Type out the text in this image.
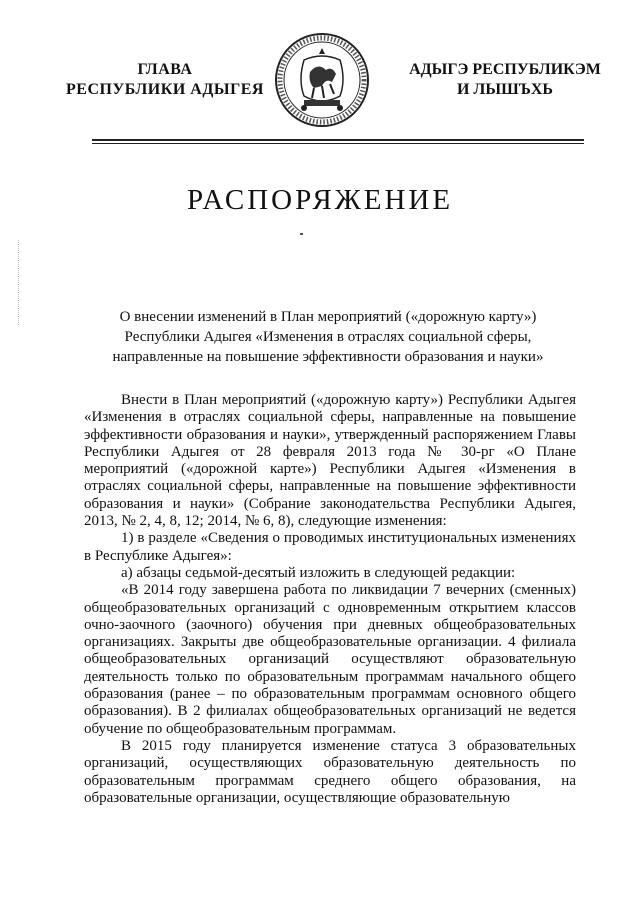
ГЛАВА
РЕСПУБЛИКИ АДЫГЕЯ
АДЫГЭ РЕСПУБЛИКЭМ
И ЛЫШЪХЬ
РАСПОРЯЖЕНИЕ
О внесении изменений в План мероприятий («дорожную карту»)
Республики Адыгея «Изменения в отраслях социальной сферы,
направленные на повышение эффективности образования и науки»

Внести в План мероприятий («дорожную карту») Республики Адыгея «Изменения в отраслях социальной сферы, направленные на повышение эффективности образования и науки», утвержденный распоряжением Главы Республики Адыгея от 28 февраля 2013 года № 30-рг «О Плане мероприятий («дорожной карте») Республики Адыгея «Изменения в отраслях социальной сферы, направленные на повышение эффективности образования и науки» (Собрание законодательства Республики Адыгея, 2013, № 2, 4, 8, 12; 2014, № 6, 8), следующие изменения:

1) в разделе «Сведения о проводимых институциональных изменениях в Республике Адыгея»:

а) абзацы седьмой-десятый изложить в следующей редакции:

«В 2014 году завершена работа по ликвидации 7 вечерних (сменных) общеобразовательных организаций с одновременным открытием классов очно-заочного (заочного) обучения при дневных общеобразовательных организациях. Закрыты две общеобразовательные организации. 4 филиала общеобразовательных организаций осуществляют образовательную деятельность только по образовательным программам начального общего образования (ранее – по образовательным программам основного общего образования). В 2 филиалах общеобразовательных организаций не ведется обучение по общеобразовательным программам.

В 2015 году планируется изменение статуса 3 образовательных организаций, осуществляющих образовательную деятельность по образовательным программам среднего общего образования, на образовательные организации, осуществляющие образовательную
